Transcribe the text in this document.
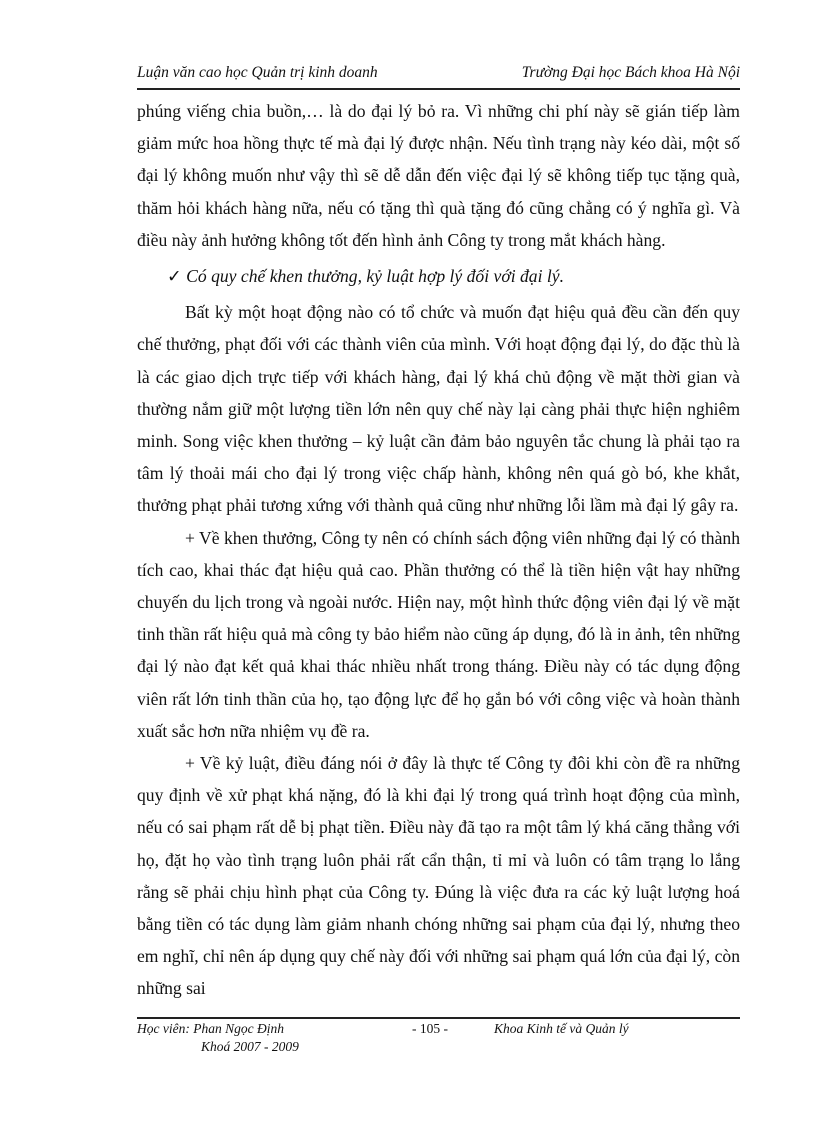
Luận văn cao học Quản trị kinh doanh	Trường Đại học Bách khoa Hà Nội

phúng viếng chia buồn,… là do đại lý bỏ ra. Vì những chi phí này sẽ gián tiếp làm giảm mức hoa hồng thực tế mà đại lý được nhận. Nếu tình trạng này kéo dài, một số đại lý không muốn như vậy thì sẽ dễ dẫn đến việc đại lý sẽ không tiếp tục tặng quà, thăm hỏi khách hàng nữa, nếu có tặng thì quà tặng đó cũng chẳng có ý nghĩa gì. Và điều này ảnh hưởng không tốt đến hình ảnh Công ty trong mắt khách hàng.

✓ Có quy chế khen thưởng, kỷ luật hợp lý đối với đại lý.

Bất kỳ một hoạt động nào có tổ chức và muốn đạt hiệu quả đều cần đến quy chế thưởng, phạt đối với các thành viên của mình. Với hoạt động đại lý, do đặc thù là là các giao dịch trực tiếp với khách hàng, đại lý khá chủ động về mặt thời gian và thường nắm giữ một lượng tiền lớn nên quy chế này lại càng phải thực hiện nghiêm minh. Song việc khen thưởng – kỷ luật cần đảm bảo nguyên tắc chung là phải tạo ra tâm lý thoải mái cho đại lý trong việc chấp hành, không nên quá gò bó, khe khắt, thưởng phạt phải tương xứng với thành quả cũng như những lỗi lầm mà đại lý gây ra.

+ Về khen thưởng, Công ty nên có chính sách động viên những đại lý có thành tích cao, khai thác đạt hiệu quả cao. Phần thưởng có thể là tiền hiện vật hay những chuyến du lịch trong và ngoài nước. Hiện nay, một hình thức động viên đại lý về mặt tinh thần rất hiệu quả mà công ty bảo hiểm nào cũng áp dụng, đó là in ảnh, tên những đại lý nào đạt kết quả khai thác nhiều nhất trong tháng. Điều này có tác dụng động viên rất lớn tinh thần của họ, tạo động lực để họ gắn bó với công việc và hoàn thành xuất sắc hơn nữa nhiệm vụ đề ra.

+ Về kỷ luật, điều đáng nói ở đây là thực tế Công ty đôi khi còn đề ra những quy định về xử phạt khá nặng, đó là khi đại lý trong quá trình hoạt động của mình, nếu có sai phạm rất dễ bị phạt tiền. Điều này đã tạo ra một tâm lý khá căng thẳng với họ, đặt họ vào tình trạng luôn phải rất cẩn thận, tỉ mỉ và luôn có tâm trạng lo lắng rằng sẽ phải chịu hình phạt của Công ty. Đúng là việc đưa ra các kỷ luật lượng hoá bằng tiền có tác dụng làm giảm nhanh chóng những sai phạm của đại lý, nhưng theo em nghĩ, chỉ nên áp dụng quy chế này đối với những sai phạm quá lớn của đại lý, còn những sai

Học viên: Phan Ngọc Định
Khoá 2007 - 2009
- 105 -	Khoa Kinh tế và Quản lý
